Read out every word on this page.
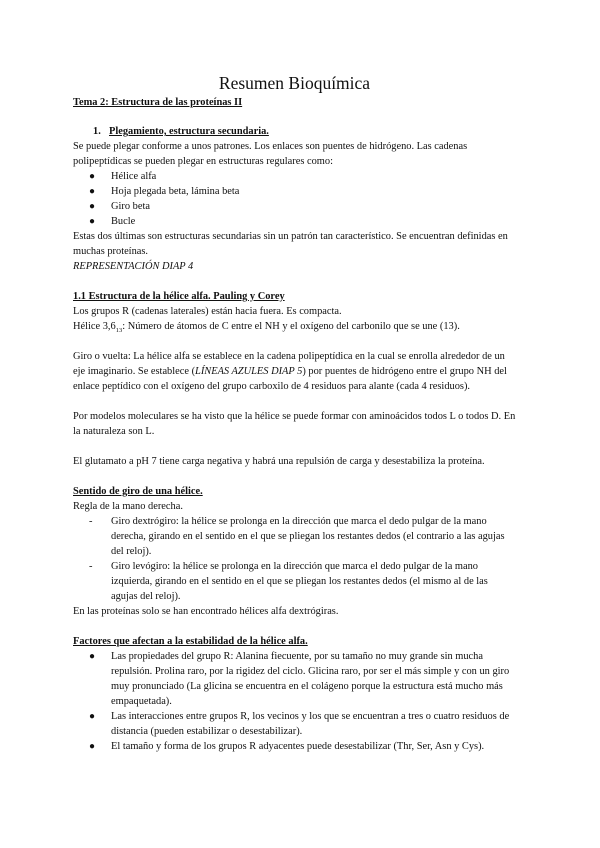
Resumen Bioquímica

Tema 2: Estructura de las proteínas II

1. Plegamiento, estructura secundaria.

Se puede plegar conforme a unos patrones. Los enlaces son puentes de hidrógeno. Las cadenas polipeptídicas se pueden plegar en estructuras regulares como:

● Hélice alfa
● Hoja plegada beta, lámina beta
● Giro beta
● Bucle

Estas dos últimas son estructuras secundarias sin un patrón tan característico. Se encuentran definidas en muchas proteínas.

REPRESENTACIÓN DIAP 4

1.1 Estructura de la hélice alfa. Pauling y Corey

Los grupos R (cadenas laterales) están hacia fuera. Es compacta.

Hélice $3,6_{13}$: Número de átomos de C entre el NH y el oxígeno del carbonilo que se une (13).

Giro o vuelta: La hélice alfa se establece en la cadena polipeptídica en la cual se enrolla alrededor de un eje imaginario. Se establece (LÍNEAS AZULES DIAP 5) por puentes de hidrógeno entre el grupo NH del enlace peptídico con el oxígeno del grupo carboxilo de 4 residuos para alante (cada 4 residuos).

Por modelos moleculares se ha visto que la hélice se puede formar con aminoácidos todos L o todos D. En la naturaleza son L.

El glutamato a pH 7 tiene carga negativa y habrá una repulsión de carga y desestabiliza la proteína.

Sentido de giro de una hélice.

Regla de la mano derecha.

- Giro dextrógiro: la hélice se prolonga en la dirección que marca el dedo pulgar de la mano derecha, girando en el sentido en el que se pliegan los restantes dedos (el contrario a las agujas del reloj).
- Giro levógiro: la hélice se prolonga en la dirección que marca el dedo pulgar de la mano izquierda, girando en el sentido en el que se pliegan los restantes dedos (el mismo al de las agujas del reloj).

En las proteínas solo se han encontrado hélices alfa dextrógiras.

Factores que afectan a la estabilidad de la hélice alfa.

● Las propiedades del grupo R: Alanina fiecuente, por su tamaño no muy grande sin mucha repulsión. Prolina raro, por la rigidez del ciclo. Glicina raro, por ser el más simple y con un giro muy pronunciado (La glicina se encuentra en el colágeno porque la estructura está mucho más empaquetada).
● Las interacciones entre grupos R, los vecinos y los que se encuentran a tres o cuatro residuos de distancia (pueden estabilizar o desestabilizar).
● El tamaño y forma de los grupos R adyacentes puede desestabilizar (Thr, Ser, Asn y Cys).
